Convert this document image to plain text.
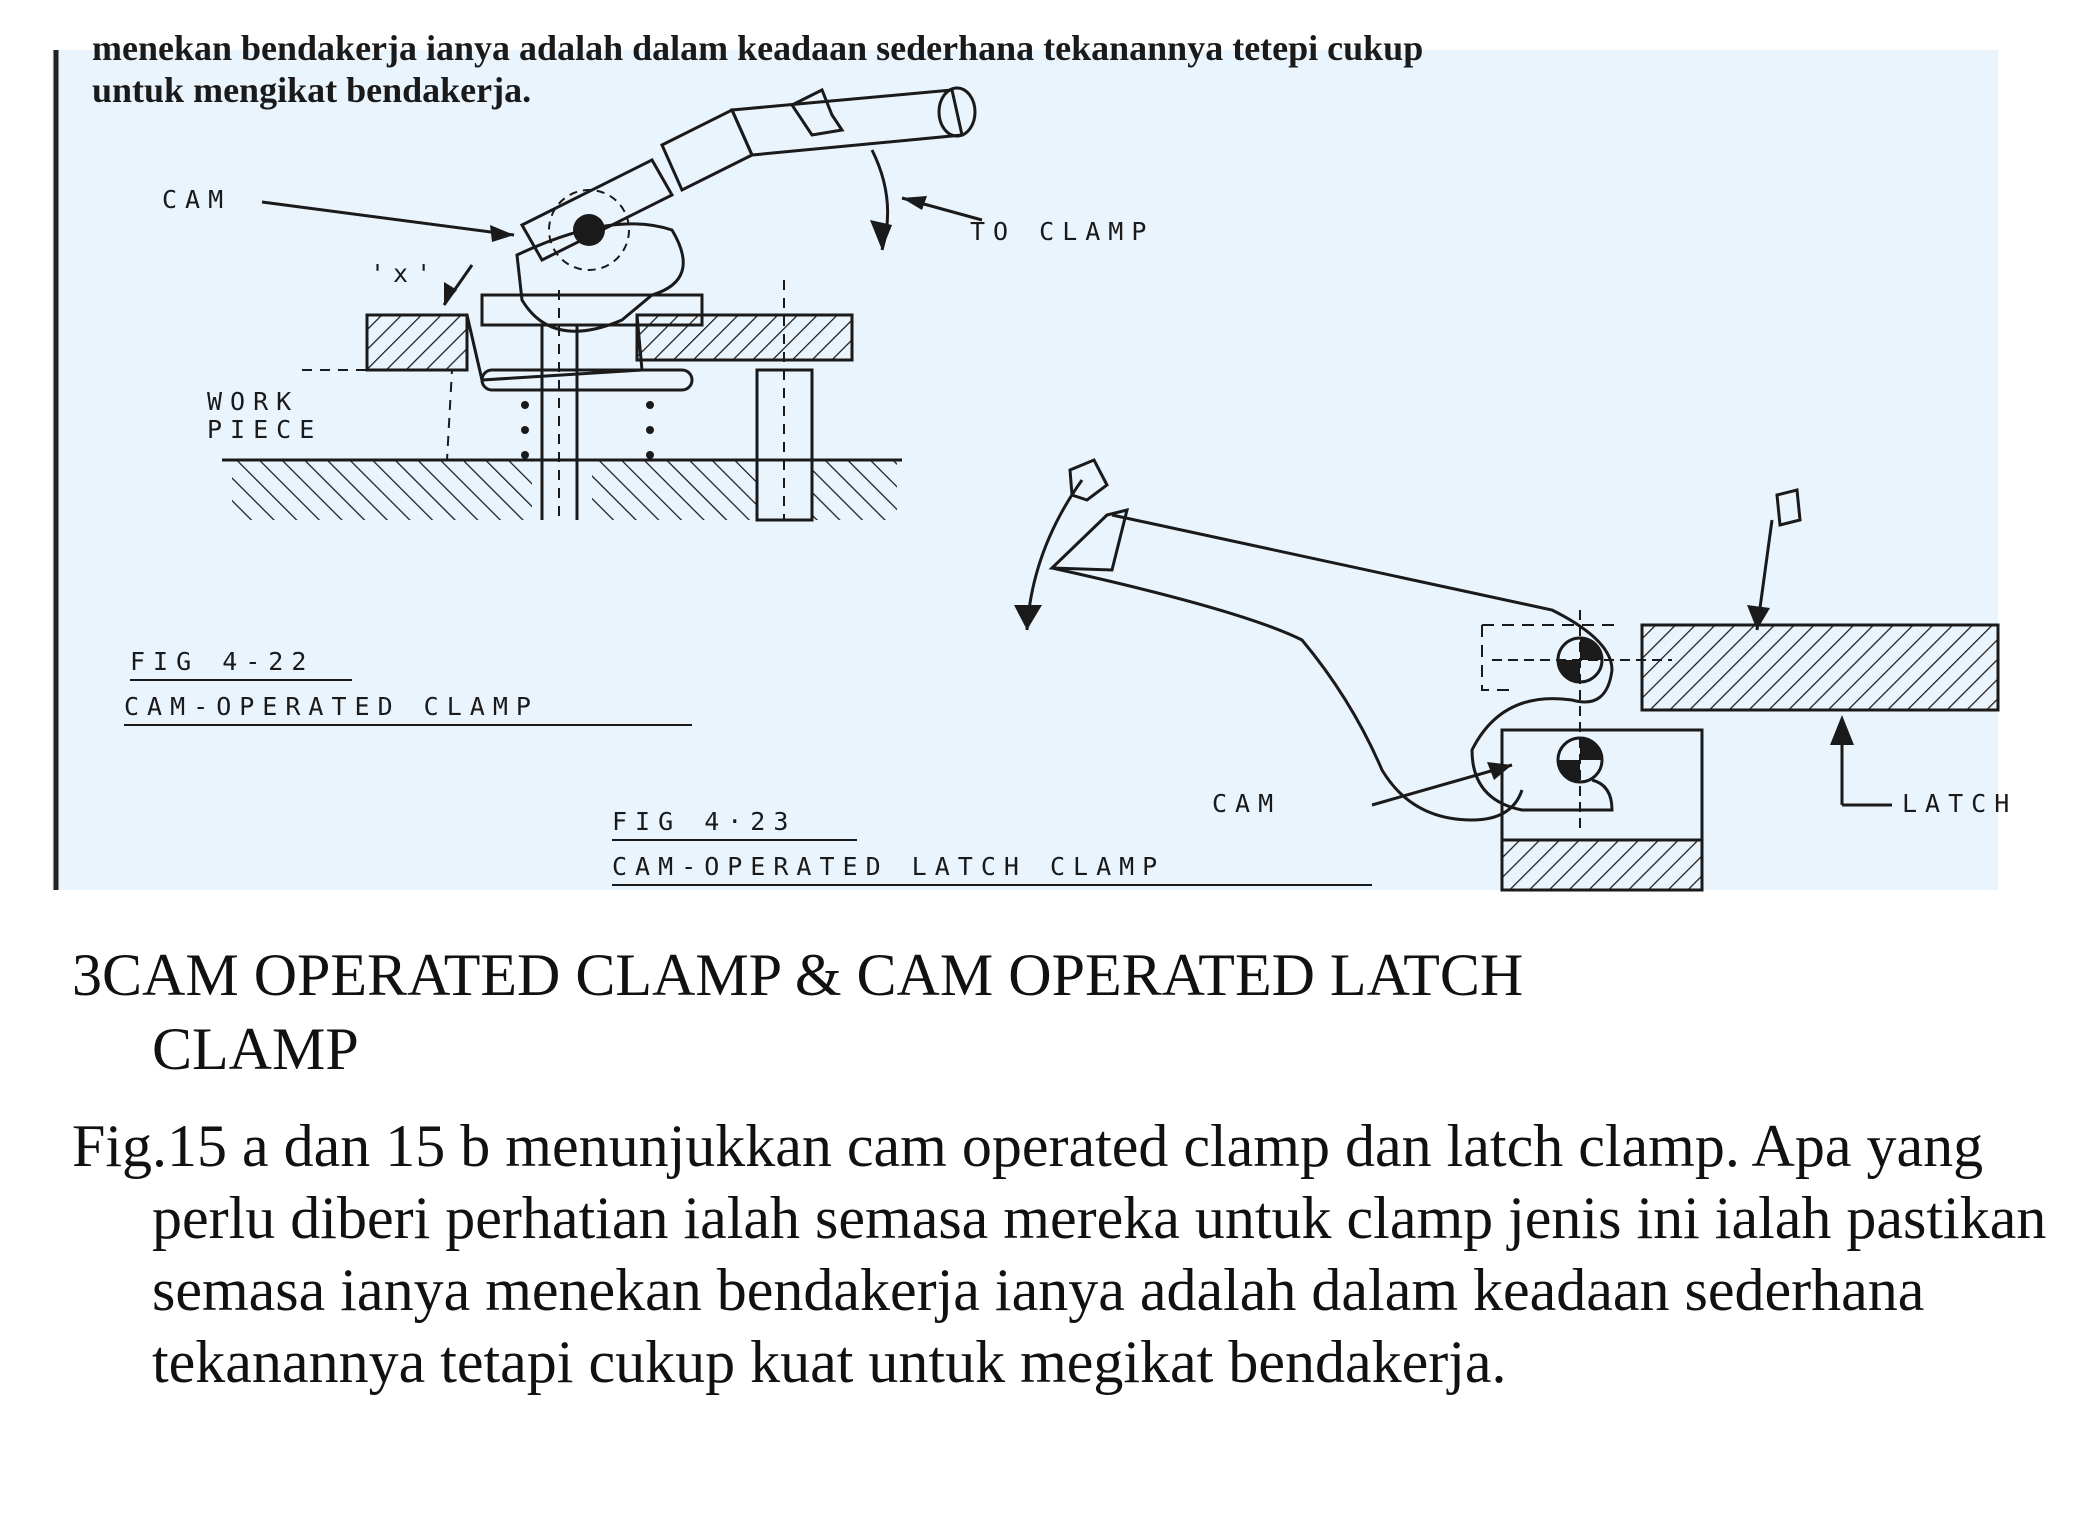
menekan bendakerja ianya adalah dalam keadaan sederhana tekanannya tetepi cukup
untuk mengikat bendakerja.
CAM
'x'
TO CLAMP
WORK
PIECE
FIG 4-22
CAM-OPERATED CLAMP
CAM	LATCH
FIG 4·23
CAM-OPERATED LATCH CLAMP
3CAM OPERATED CLAMP & CAM OPERATED LATCH
CLAMP
Fig.15 a dan 15 b menunjukkan cam operated clamp dan latch clamp. Apa yang perlu diberi perhatian ialah semasa mereka untuk clamp jenis ini ialah pastikan semasa ianya menekan bendakerja ianya adalah dalam keadaan sederhana tekanannya tetapi cukup kuat untuk megikat bendakerja.
